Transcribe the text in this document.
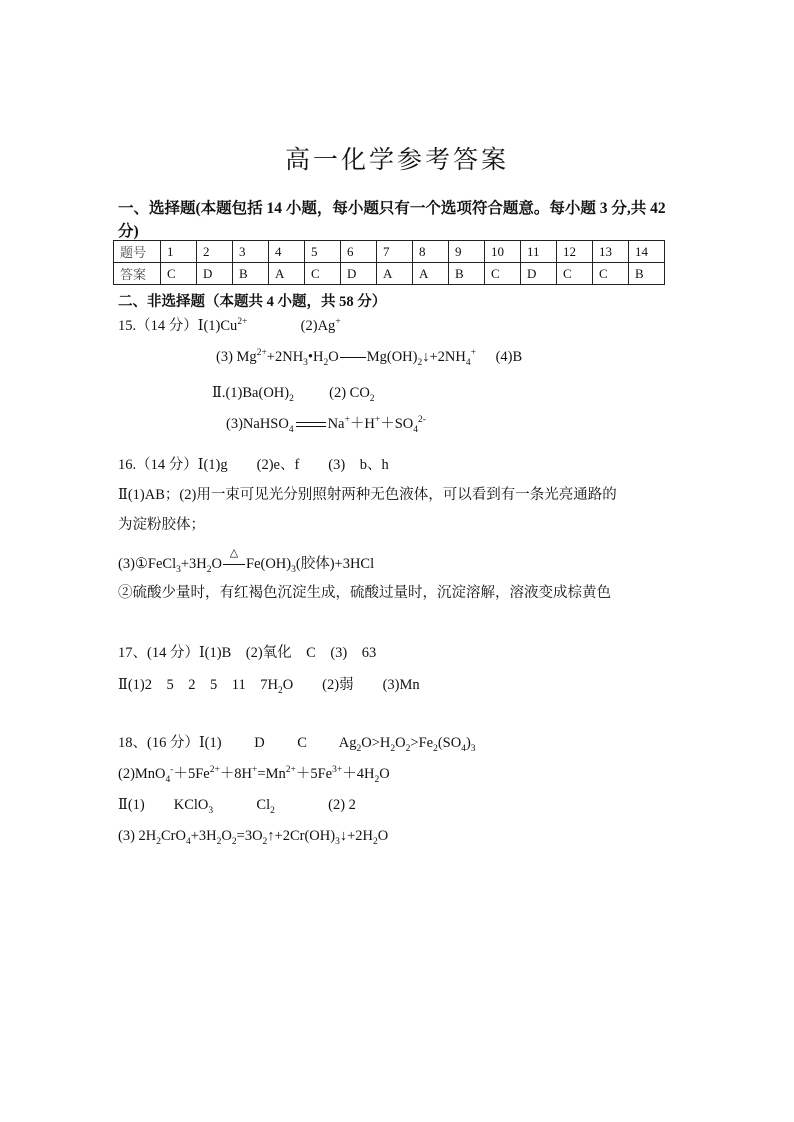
高一化学参考答案
一、选择题(本题包括 14 小题，每小题只有一个选项符合题意。每小题 3 分,共 42 分)
题号	1	2	3	4	5	6	7	8	9	10	11	12	13	14
答案	C	D	B	A	C	D	A	A	B	C	D	C	C	B
二、非选择题（本题共 4 小题，共 58 分）
15.（14 分）$Ⅰ(1)Cu^{2+}$	(2)Ag+
(3) $Mg^{2+}+2NH_3•H_2O$ $Mg(OH)_2↓+2NH_4^+$ (4)B
$Ⅱ.(1)Ba(OH)_2$ (2) $CO_2$
(3)NaHSO$_4$ $Na^++H^++SO_4^{2-}$
16.（14 分）Ⅰ(1)g　　(2)e、f　　(3)　b、h
Ⅱ(1)AB；(2)用一束可见光分别照射两种无色液体，可以看到有一条光亮通路的
为淀粉胶体；
$(3)①FeCl_3+3H_2O$
△
$Fe(OH)_3$(胶体)+3HCl
②硫酸少量时，有红褐色沉淀生成，硫酸过量时，沉淀溶解，溶液变成棕黄色
17、(14 分）Ⅰ(1)B　(2)氧化　C　(3)　63
Ⅱ(1)2　5　2　5　11　$7H_2O$　　(2)弱　　(3)Mn
18、(16 分）Ⅰ(1)　　 D　　 C　　 $Ag_2O>H_2O_2>Fe_2(SO_4)_3$
$(2)MnO_4^-+5Fe^{2+}+8H^+=Mn^{2+}+5Fe^{3+}+4H_2O$
Ⅱ(1)　　KClO$_3$	$Cl_2$	(2) 2
(3) $2H_2CrO_4+3H_2O_2=3O_2↑+2Cr(OH)_3↓+2H_2O$
